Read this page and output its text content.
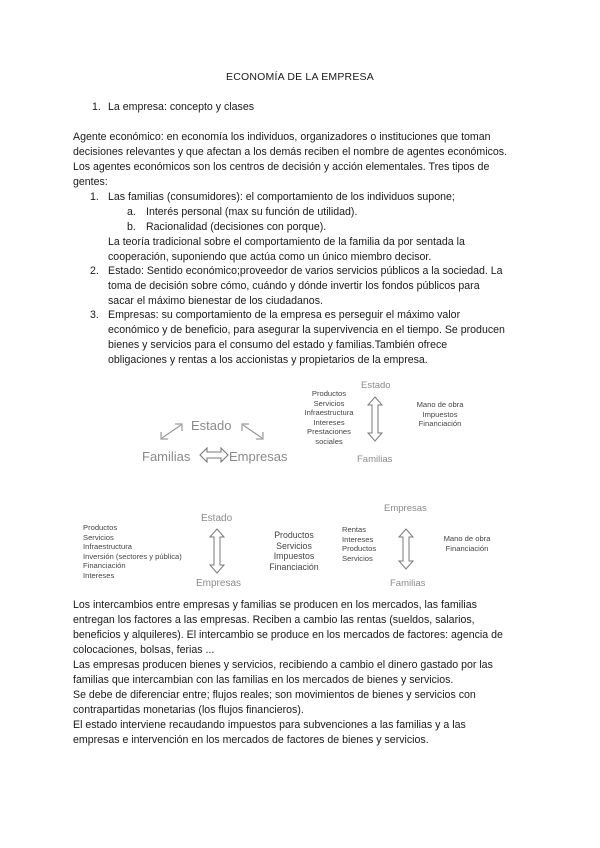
ECONOMÍA DE LA EMPRESA
1. La empresa: concepto y clases
Agente económico: en economía los individuos, organizadores o instituciones que toman
decisiones relevantes y que afectan a los demás reciben el nombre de agentes económicos.
Los agentes económicos son los centros de decisión y acción elementales. Tres tipos de
gentes:
1. Las familias (consumidores): el comportamiento de los individuos supone;
a. Interés personal (max su función de utilidad).
b. Racionalidad (decisiones con porque).
La teoría tradicional sobre el comportamiento de la familia da por sentada la
cooperación, suponiendo que actúa como un único miembro decisor.
2. Estado: Sentido económico;proveedor de varios servicios públicos a la sociedad. La
toma de decisión sobre cómo, cuándo y dónde invertir los fondos públicos para
sacar el máximo bienestar de los ciudadanos.
3. Empresas: su comportamiento de la empresa es perseguir el máximo valor
económico y de beneficio, para asegurar la supervivencia en el tiempo. Se producen
bienes y servicios para el consumo del estado y familias.También ofrece
obligaciones y rentas a los accionistas y propietarios de la empresa.
Estado
Familias	Empresas
Estado
Familias
Productos
Servicios
Infraestructura
Intereses
Prestaciones
sociales
Mano de obra
Impuestos
Financiación
Estado
Empresas
Productos
Servicios
Infraestructura
Inversión (sectores y pública)
Financiación
Intereses
Productos
Servicios
Impuestos
Financiación
Empresas
Familias
Rentas
Intereses
Productos
Servicios
Mano de obra
Financiación
Los intercambios entre empresas y familias se producen en los mercados, las familias
entregan los factores a las empresas. Reciben a cambio las rentas (sueldos, salarios,
beneficios y alquileres). El intercambio se produce en los mercados de factores: agencia de
colocaciones, bolsas, ferias ...
Las empresas producen bienes y servicios, recibiendo a cambio el dinero gastado por las
familias que intercambian con las familias en los mercados de bienes y servicios.
Se debe de diferenciar entre; flujos reales; son movimientos de bienes y servicios con
contrapartidas monetarias (los flujos financieros).
El estado interviene recaudando impuestos para subvenciones a las familias y a las
empresas e intervención en los mercados de factores de bienes y servicios.
